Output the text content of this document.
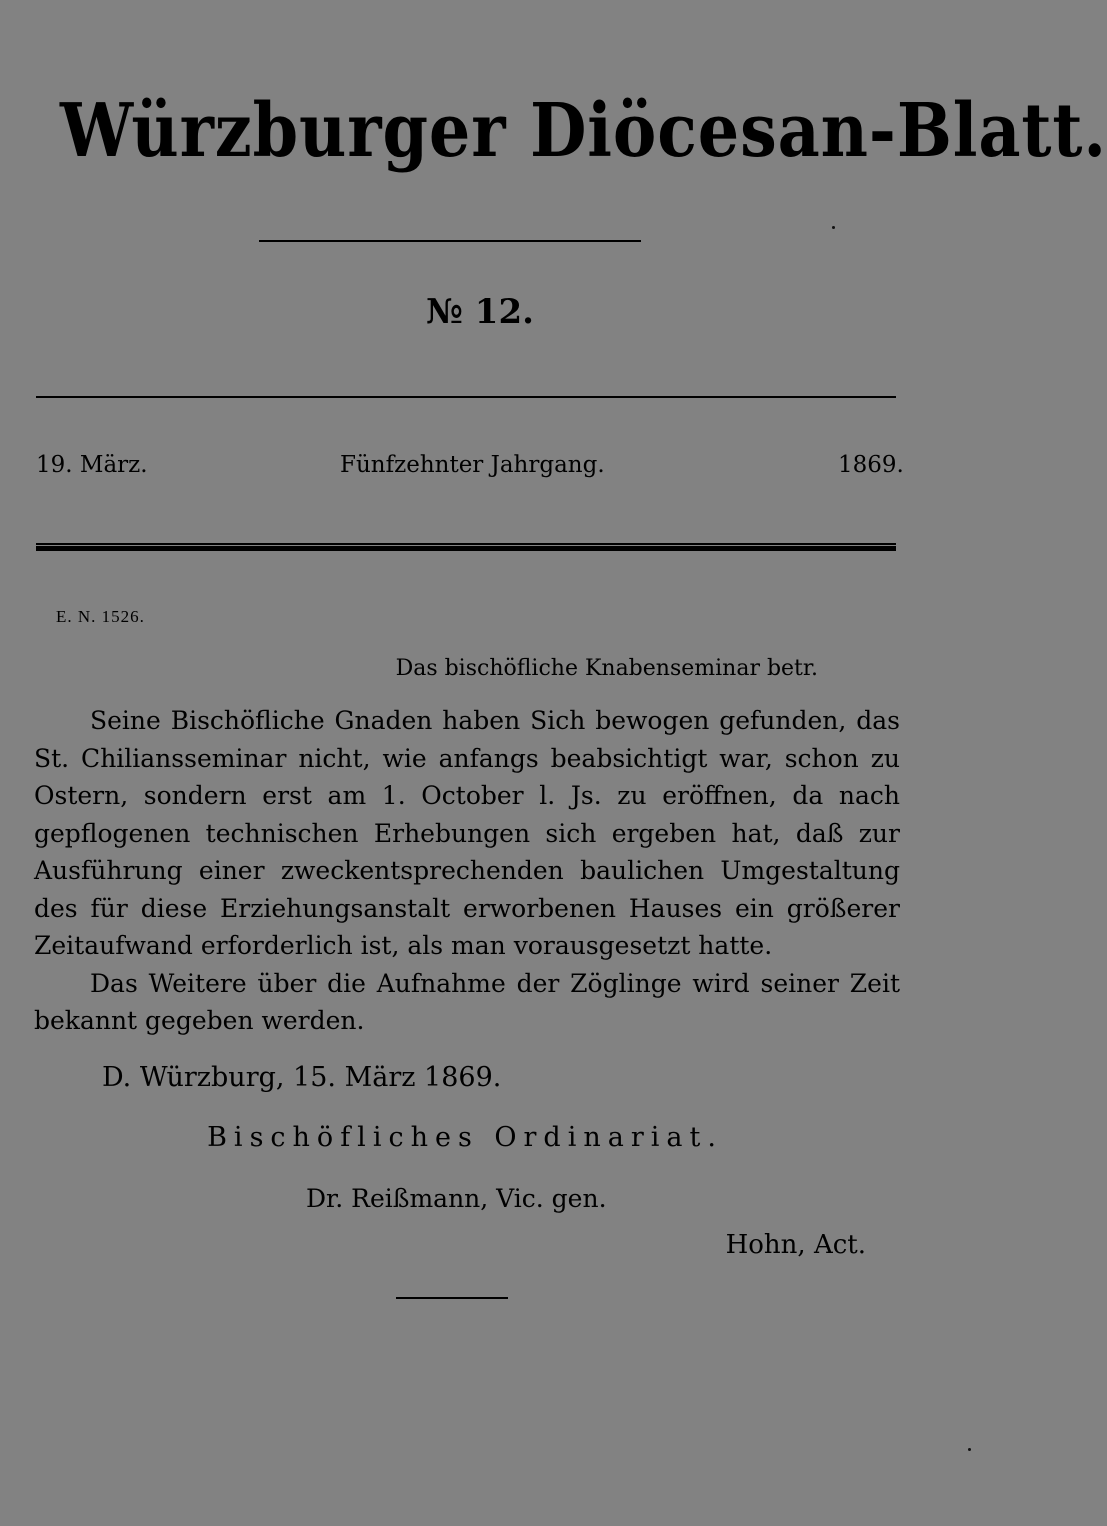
Würzburger Diöcesan-Blatt.
№ 12.
19. März.	Fünfzehnter Jahrgang.	1869.
E. N. 1526.
Das bischöfliche Knabenseminar betr.

Seine Bischöfliche Gnaden haben Sich bewogen gefunden, das St. Chiliansseminar nicht, wie anfangs beabsichtigt war, schon zu Ostern, sondern erst am 1. October l. Js. zu eröffnen, da nach gepflogenen technischen Erhebungen sich ergeben hat, daß zur Ausführung einer zweckentsprechenden baulichen Umgestaltung des für diese Erziehungsanstalt erworbenen Hauses ein größerer Zeitaufwand erforderlich ist, als man vorausgesetzt hatte.

Das Weitere über die Aufnahme der Zöglinge wird seiner Zeit bekannt gegeben werden.

D. Würzburg, 15. März 1869.
Bischöfliches Ordinariat.
Dr. Reißmann, Vic. gen.
Hohn, Act.
